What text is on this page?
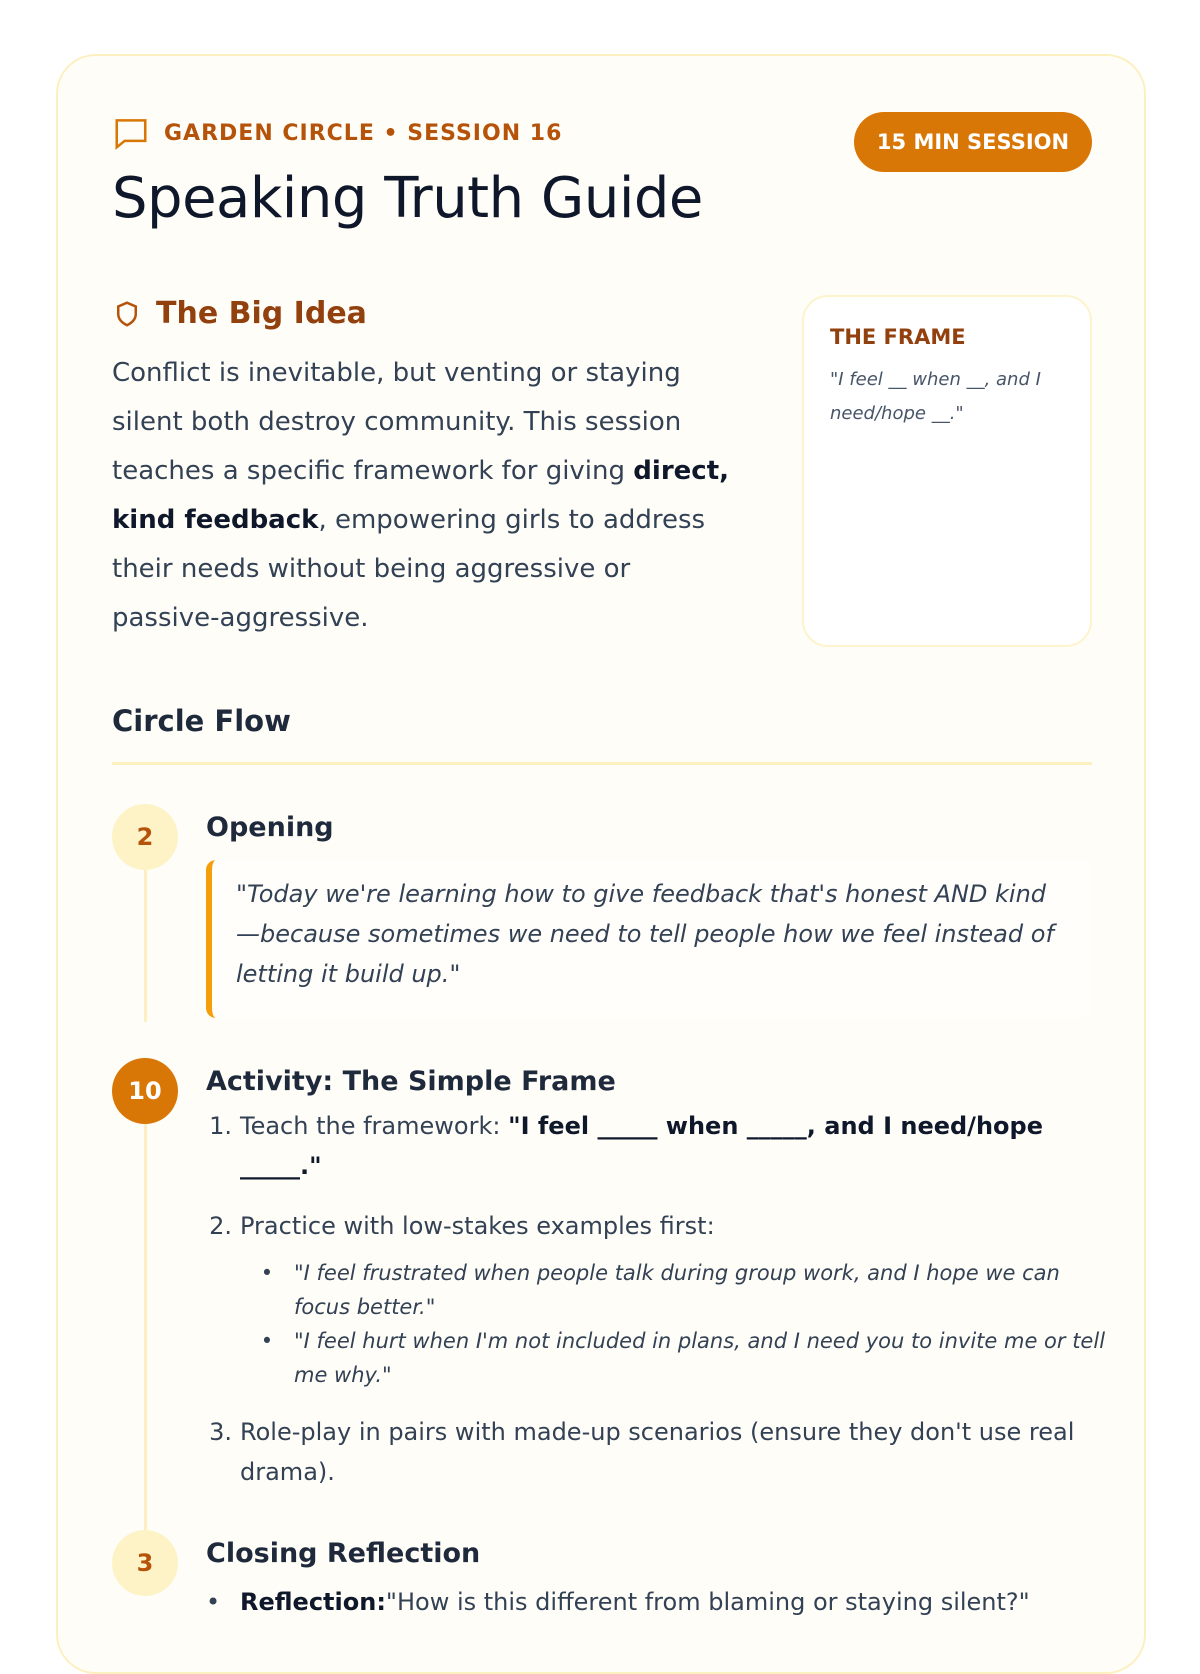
GARDEN CIRCLE • SESSION 16
Speaking Truth Guide
15 MIN SESSION
The Big Idea

Conflict is inevitable, but venting or staying silent both destroy community. This session teaches a specific framework for giving direct, kind feedback, empowering girls to address their needs without being aggressive or passive-aggressive.

THE FRAME

"I feel __ when __, and I need/hope __."

Circle Flow
2	Opening
"Today we're learning how to give feedback that's honest AND kind—because sometimes we need to tell people how we feel instead of letting it build up."
10	Activity: The Simple Frame
1. Teach the framework: "I feel _____ when _____, and I need/hope _____."
2. Practice with low-stakes examples first:
• "I feel frustrated when people talk during group work, and I hope we can focus better."
• "I feel hurt when I'm not included in plans, and I need you to invite me or tell me why."
3. Role-play in pairs with made-up scenarios (ensure they don't use real drama).
3	Closing Reflection
• Reflection: "How is this different from blaming or staying silent?"
